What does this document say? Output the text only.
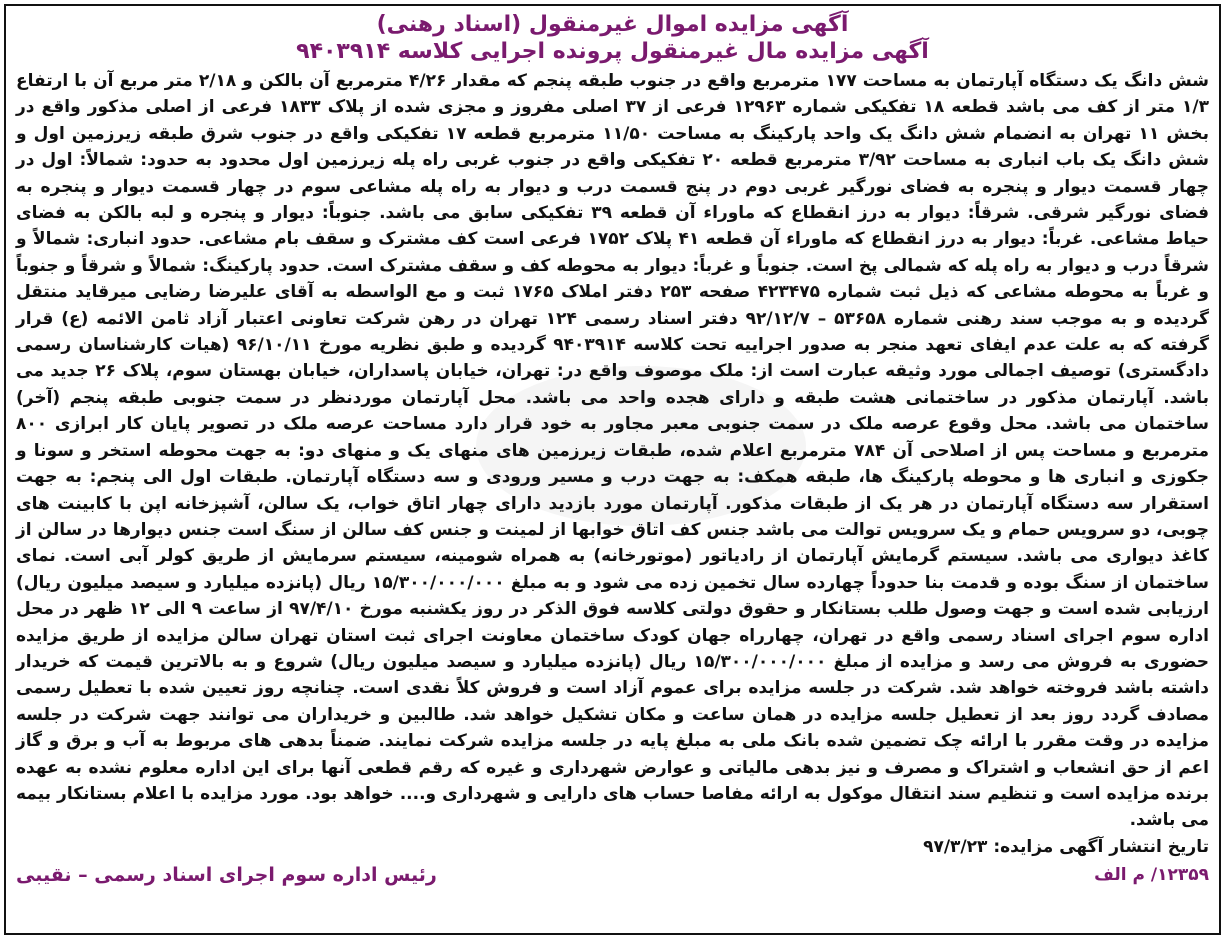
آگهی مزایده اموال غیرمنقول (اسناد رهنی)
آگهی مزایده مال غیرمنقول پرونده اجرایی کلاسه ۹۴۰۳۹۱۴
شش دانگ یک دستگاه آپارتمان به مساحت ۱۷۷ مترمربع واقع در جنوب طبقه پنجم که مقدار ۴/۲۶ مترمربع آن بالکن و ۲/۱۸ متر مربع آن با ارتفاع ۱/۳ متر از کف می باشد قطعه ۱۸ تفکیکی شماره ۱۲۹۶۳ فرعی از ۳۷ اصلی مفروز و مجزی شده از پلاک ۱۸۳۳ فرعی از اصلی مذکور واقع در بخش ۱۱ تهران به انضمام شش دانگ یک واحد پارکینگ به مساحت ۱۱/۵۰ مترمربع قطعه ۱۷ تفکیکی واقع در جنوب شرق طبقه زیرزمین اول و شش دانگ یک باب انباری به مساحت ۳/۹۲ مترمربع قطعه ۲۰ تفکیکی واقع در جنوب غربی راه پله زیرزمین اول محدود به حدود: شمالاً: اول در چهار قسمت دیوار و پنجره به فضای نورگیر غربی دوم در پنج قسمت درب و دیوار به راه پله مشاعی سوم در چهار قسمت دیوار و پنجره به فضای نورگیر شرقی. شرقاً: دیوار به درز انقطاع که ماوراء آن قطعه ۳۹ تفکیکی سابق می باشد. جنوباً: دیوار و پنجره و لبه بالکن به فضای حیاط مشاعی. غرباً: دیوار به درز انقطاع که ماوراء آن قطعه ۴۱ پلاک ۱۷۵۲ فرعی است کف مشترک و سقف بام مشاعی. حدود انباری: شمالاً و شرقاً درب و دیوار به راه پله که شمالی پخ است. جنوباً و غرباً: دیوار به محوطه کف و سقف مشترک است. حدود پارکینگ: شمالاً و شرقاً و جنوباً و غرباً به محوطه مشاعی که ذیل ثبت شماره ۴۲۳۴۷۵ صفحه ۲۵۳ دفتر املاک ۱۷۶۵ ثبت و مع الواسطه به آقای علیرضا رضایی میرقاید منتقل گردیده و به موجب سند رهنی شماره ۵۳۶۵۸ – ۹۲/۱۲/۷ دفتر اسناد رسمی ۱۲۴ تهران در رهن شرکت تعاونی اعتبار آزاد ثامن الائمه (ع) قرار گرفته که به علت عدم ایفای تعهد منجر به صدور اجراییه تحت کلاسه ۹۴۰۳۹۱۴ گردیده و طبق نظریه مورخ ۹۶/۱۰/۱۱ (هیات کارشناسان رسمی دادگستری) توصیف اجمالی مورد وثیقه عبارت است از: ملک موصوف واقع در: تهران، خیابان پاسداران، خیابان بهستان سوم، پلاک ۲۶ جدید می باشد. آپارتمان مذکور در ساختمانی هشت طبقه و دارای هجده واحد می باشد. محل آپارتمان موردنظر در سمت جنوبی طبقه پنجم (آخر) ساختمان می باشد. محل وقوع عرصه ملک در سمت جنوبی معبر مجاور به خود قرار دارد مساحت عرصه ملک در تصویر پایان کار ابرازی ۸۰۰ مترمربع و مساحت پس از اصلاحی آن ۷۸۴ مترمربع اعلام شده، طبقات زیرزمین های منهای یک و منهای دو: به جهت محوطه استخر و سونا و جکوزی و انباری ها و محوطه پارکینگ ها، طبقه همکف: به جهت درب و مسیر ورودی و سه دستگاه آپارتمان. طبقات اول الی پنجم: به جهت استقرار سه دستگاه آپارتمان در هر یک از طبقات مذکور. آپارتمان مورد بازدید دارای چهار اتاق خواب، یک سالن، آشپزخانه اپن با کابینت های چوبی، دو سرویس حمام و یک سرویس توالت می باشد جنس کف اتاق خوابها از لمینت و جنس کف سالن از سنگ است جنس دیوارها در سالن از کاغذ دیواری می باشد. سیستم گرمایش آپارتمان از رادیاتور (موتورخانه) به همراه شومینه، سیستم سرمایش از طریق کولر آبی است. نمای ساختمان از سنگ بوده و قدمت بنا حدوداً چهارده سال تخمین زده می شود و به مبلغ ۱۵/۳۰۰/۰۰۰/۰۰۰ ریال (پانزده میلیارد و سیصد میلیون ریال) ارزیابی شده است و جهت وصول طلب بستانکار و حقوق دولتی کلاسه فوق الذکر در روز یکشنبه مورخ ۹۷/۴/۱۰ از ساعت ۹ الی ۱۲ ظهر در محل اداره سوم اجرای اسناد رسمی واقع در تهران، چهارراه جهان کودک ساختمان معاونت اجرای ثبت استان تهران سالن مزایده از طریق مزایده حضوری به فروش می رسد و مزایده از مبلغ ۱۵/۳۰۰/۰۰۰/۰۰۰ ریال (پانزده میلیارد و سیصد میلیون ریال) شروع و به بالاترین قیمت که خریدار داشته باشد فروخته خواهد شد. شرکت در جلسه مزایده برای عموم آزاد است و فروش کلاً نقدی است. چنانچه روز تعیین شده با تعطیل رسمی مصادف گردد روز بعد از تعطیل جلسه مزایده در همان ساعت و مکان تشکیل خواهد شد. طالبین و خریداران می توانند جهت شرکت در جلسه مزایده در وقت مقرر با ارائه چک تضمین شده بانک ملی به مبلغ پایه در جلسه مزایده شرکت نمایند. ضمناً بدهی های مربوط به آب و برق و گاز اعم از حق انشعاب و اشتراک و مصرف و نیز بدهی مالیاتی و عوارض شهرداری و غیره که رقم قطعی آنها برای این اداره معلوم نشده به عهده برنده مزایده است و تنظیم سند انتقال موکول به ارائه مفاصا حساب های دارایی و شهرداری و.... خواهد بود. مورد مزایده با اعلام بستانکار بیمه می باشد.
تاریخ انتشار آگهی مزایده: ۹۷/۳/۲۳
۱۲۳۵۹/ م الف
رئیس اداره سوم اجرای اسناد رسمی – نقیبی
